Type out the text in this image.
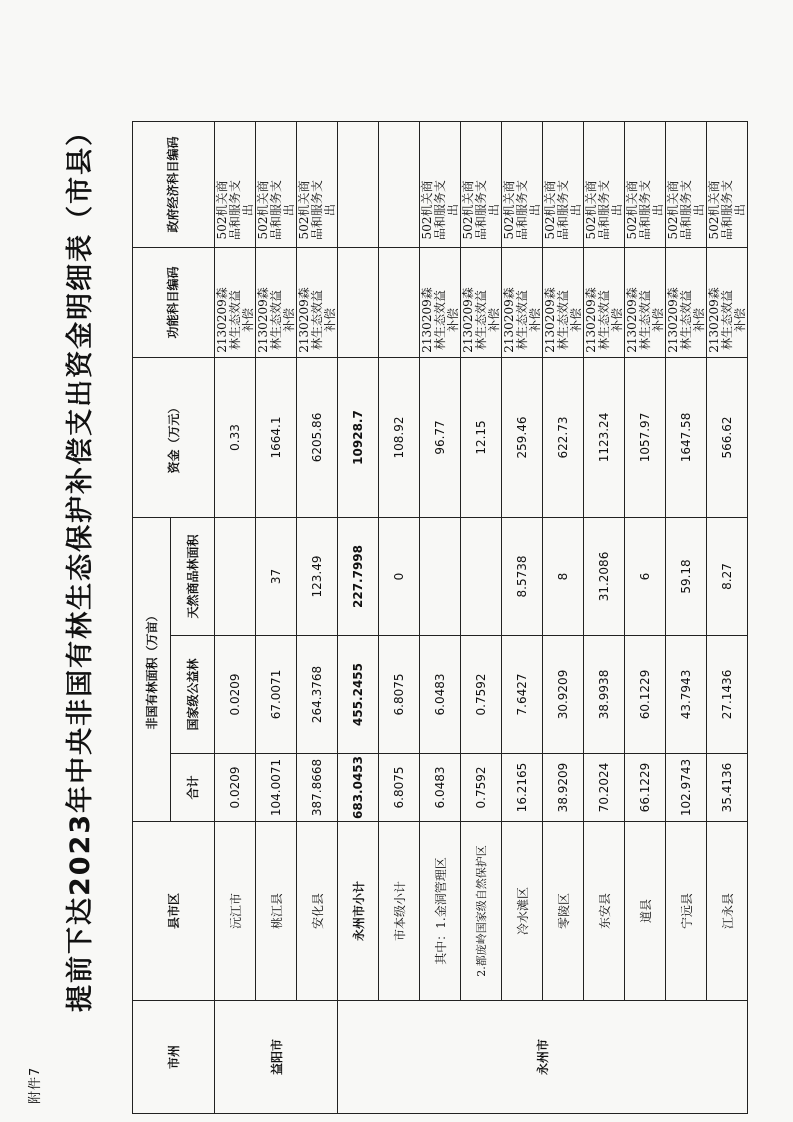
附件7
提前下达2023年中央非国有林生态保护补偿支出资金明细表（市县）
市州	县市区	非国有林面积（万亩）			资金（万元）	功能科目编码	政府经济科目编码

		合计	国家级公益林	天然商品林面积			
益阳市	沅江市	0.0209	0.0209		0.33	2130209森林生态效益补偿	502机关商品和服务支出

	桃江县	104.0071	67.0071	37	1664.1	2130209森林生态效益补偿	502机关商品和服务支出

	安化县	387.8668	264.3768	123.49	6205.86	2130209森林生态效益补偿	502机关商品和服务支出

永州市	永州市小计	683.0453	455.2455	227.7998	10928.7	

	市本级小计	6.8075	6.8075	0	108.92	

	其中：1.金洞管理区	6.0483	6.0483		96.77	2130209森林生态效益补偿	502机关商品和服务支出

	2.都庞岭国家级自然保护区	0.7592	0.7592		12.15	2130209森林生态效益补偿	502机关商品和服务支出

	冷水滩区	16.2165	7.6427	8.5738	259.46	2130209森林生态效益补偿	502机关商品和服务支出

	零陵区	38.9209	30.9209	8	622.73	2130209森林生态效益补偿	502机关商品和服务支出

	东安县	70.2024	38.9938	31.2086	1123.24	2130209森林生态效益补偿	502机关商品和服务支出

	道县	66.1229	60.1229	6	1057.97	2130209森林生态效益补偿	502机关商品和服务支出

	宁远县	102.9743	43.7943	59.18	1647.58	2130209森林生态效益补偿	502机关商品和服务支出

	江永县	35.4136	27.1436	8.27	566.62	2130209森林生态效益补偿	502机关商品和服务支出
